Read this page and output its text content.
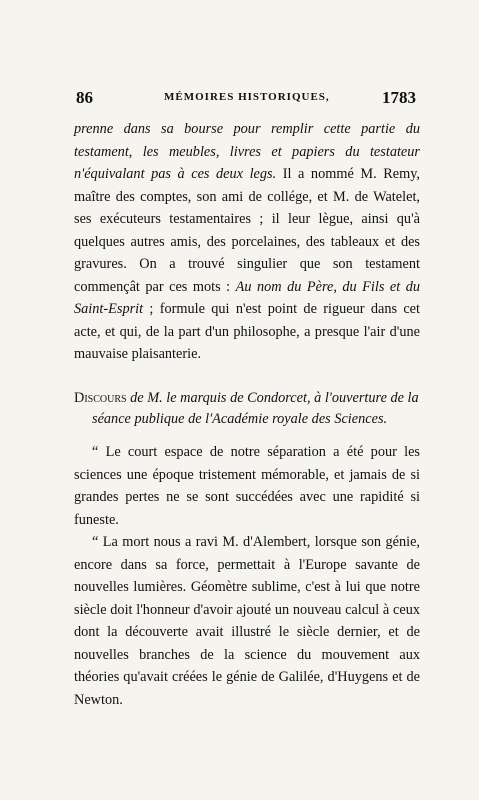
86	MÉMOIRES HISTORIQUES,	1783

prenne dans sa bourse pour remplir cette partie du testament, les meubles, livres et papiers du testateur n'équivalant pas à ces deux legs. Il a nommé M. Remy, maître des comptes, son ami de collége, et M. de Watelet, ses exécuteurs testamentaires ; il leur lègue, ainsi qu'à quelques autres amis, des porcelaines, des tableaux et des gravures. On a trouvé singulier que son testament commençât par ces mots : Au nom du Père, du Fils et du Saint-Esprit ; formule qui n'est point de rigueur dans cet acte, et qui, de la part d'un philosophe, a presque l'air d'une mauvaise plaisanterie.

Discours de M. le marquis de Condorcet, à l'ouverture de la séance publique de l'Académie royale des Sciences.

“ Le court espace de notre séparation a été pour les sciences une époque tristement mémorable, et jamais de si grandes pertes ne se sont succédées avec une rapidité si funeste.

“ La mort nous a ravi M. d'Alembert, lorsque son génie, encore dans sa force, permettait à l'Europe savante de nouvelles lumières. Géomètre sublime, c'est à lui que notre siècle doit l'honneur d'avoir ajouté un nouveau calcul à ceux dont la découverte avait illustré le siècle dernier, et de nouvelles branches de la science du mouvement aux théories qu'avait créées le génie de Galilée, d'Huygens et de Newton.
